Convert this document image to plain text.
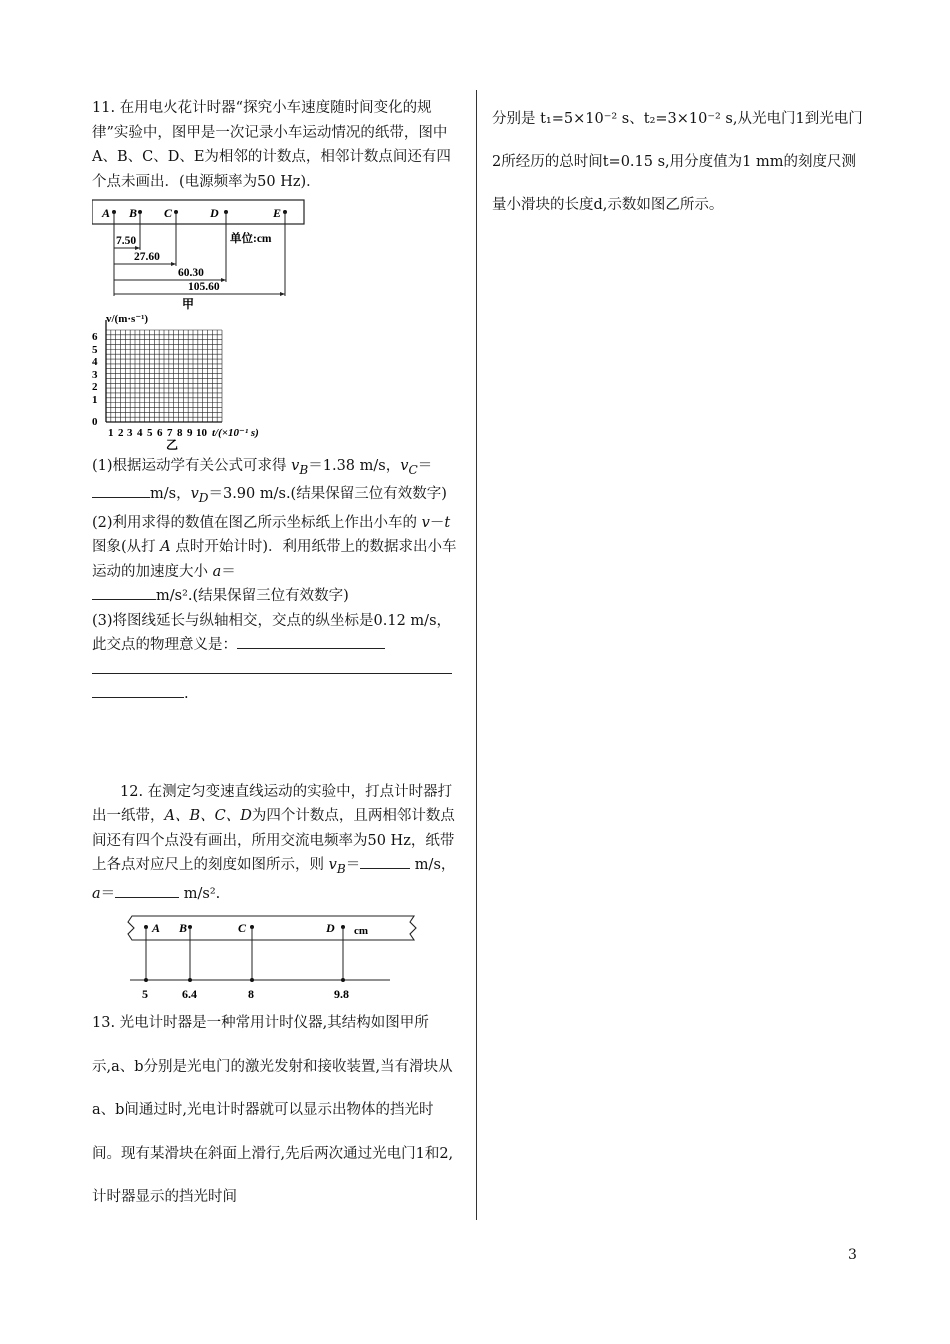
11. 在用电火花计时器“探究小车速度随时间变化的规律”实验中，图甲是一次记录小车运动情况的纸带，图中A、B、C、D、E为相邻的计数点，相邻计数点间还有四个点未画出．(电源频率为50 Hz)．

A B C	D	E
7.50
27.60
60.30
105.60
单位:cm
甲
v/(m·s⁻¹)
6
5
4
3
2
1
0
1 2 3 4 5 6 7 8 9 10 t/(×10⁻¹ s)
乙

(1)根据运动学有关公式可求得 $v_B=1.38$ m/s，$v_C=m/s$，$v_D=3.90$ m/s.(结果保留三位有效数字)

(2)利用求得的数值在图乙所示坐标纸上作出小车的 v－t 图象(从打 A 点时开始计时)．利用纸带上的数据求出小车运动的加速度大小 a＝
m/s².(结果保留三位有效数字)

(3)将图线延长与纵轴相交，交点的纵坐标是0.12 m/s，此交点的物理意义是：

.

12. 在测定匀变速直线运动的实验中，打点计时器打出一纸带，A、B、C、D为四个计数点，且两相邻计数点间还有四个点没有画出，所用交流电频率为50 Hz，纸带上各点对应尺上的刻度如图所示，则 $v_B=$	m/s，a＝	m/s².

A B	C	D cm
5	6.4	8	9.8

13. 光电计时器是一种常用计时仪器,其结构如图甲所示,a、b分别是光电门的激光发射和接收装置,当有滑块从a、b间通过时,光电计时器就可以显示出物体的挡光时间。现有某滑块在斜面上滑行,先后两次通过光电门1和2,计时器显示的挡光时间

分别是 t₁=5×10⁻² s、t₂=3×10⁻² s,从光电门1到光电门2所经历的总时间t=0.15 s,用分度值为1 mm的刻度尺测量小滑块的长度d,示数如图乙所示。

3
